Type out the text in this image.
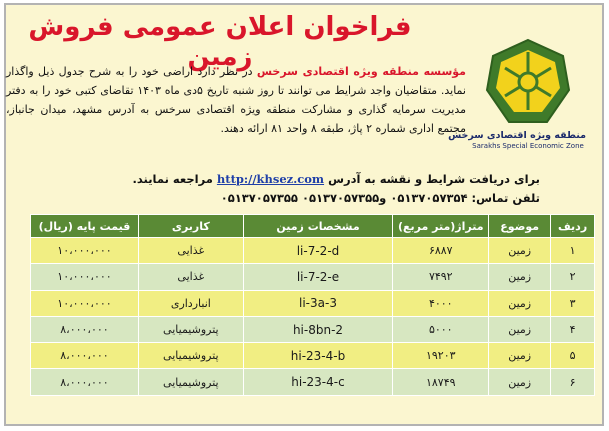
فراخوان اعلان عمومی فروش زمین
منطقه ویژه اقتصادی سرخس
Sarakhs Special Economic Zone
مؤسسه منطقه ویژه اقتصادی سرخس در نظر دارد اراضی خود را به شرح جدول ذیل واگذار نماید. متقاضیان واجد شرایط می توانند تا روز شنبه تاریخ ۵دی ماه ۱۴۰۳ تقاضای کتبی خود را به دفتر مدیریت سرمایه گذاری و مشارکت منطقه ویژه اقتصادی سرخس به آدرس مشهد، میدان جانباز، مجتمع اداری شماره ۲ پاژ، طبقه ۸ واحد ۸۱ ارائه دهند.
برای دریافت شرایط و نقشه به آدرس http://khsez.com مراجعه نمایند.
تلفن تماس: ۰۵۱۳۷۰۵۷۳۵۴ و۰۵۱۳۷۰۵۷۳۵۵ ۰۵۱۳۷۰۵۷۳۵۵
ردیف	موضوع	متراژ(متر مربع)	مشخصات زمین	کاربری	قیمت پایه (ریال)
۱	زمین	۶۸۸۷	li-7-2-d	غذایی	۱۰،۰۰۰،۰۰۰
۲	زمین	۷۴۹۲	li-7-2-e	غذایی	۱۰،۰۰۰،۰۰۰
۳	زمین	۴۰۰۰	li-3a-3	انبارداری	۱۰،۰۰۰،۰۰۰
۴	زمین	۵۰۰۰	hi-8bn-2	پتروشیمیایی	۸،۰۰۰،۰۰۰
۵	زمین	۱۹۲۰۳	hi-23-4-b	پتروشیمیایی	۸،۰۰۰،۰۰۰
۶	زمین	۱۸۷۴۹	hi-23-4-c	پتروشیمیایی	۸،۰۰۰،۰۰۰
